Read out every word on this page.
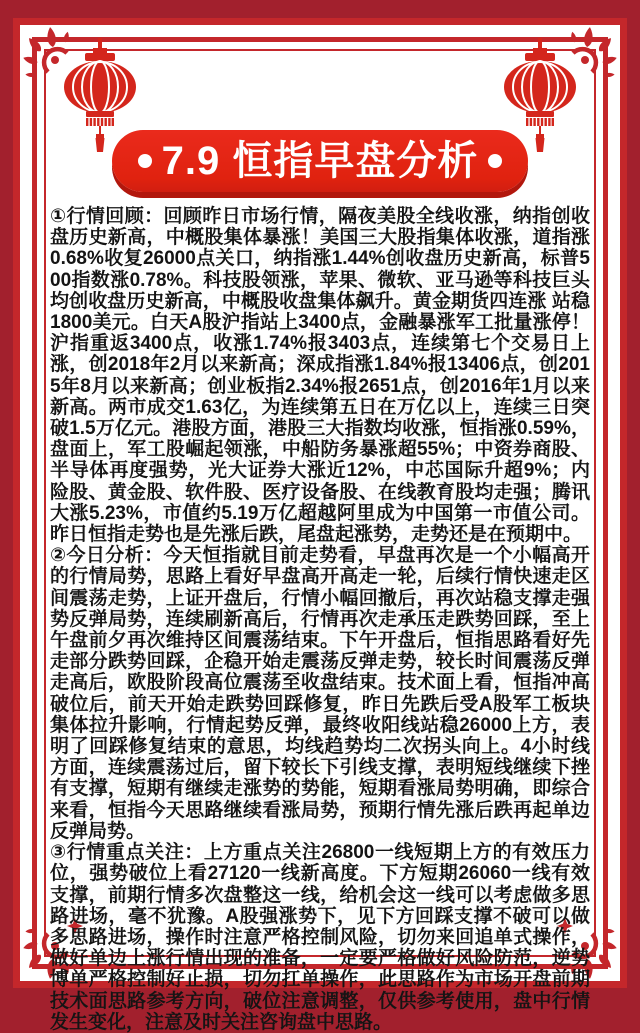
7.9 恒指早盘分析

①行情回顾：回顾昨日市场行情，隔夜美股全线收涨，纳指创收盘历史新高，中概股集体暴涨！美国三大股指集体收涨，道指涨0.68%收复26000点关口，纳指涨1.44%创收盘历史新高，标普500指数涨0.78%。科技股领涨，苹果、微软、亚马逊等科技巨头均创收盘历史新高，中概股收盘集体飙升。黄金期货四连涨 站稳1800美元。白天A股沪指站上3400点，金融暴涨军工批量涨停！沪指重返3400点，收涨1.74%报3403点，连续第七个交易日上涨，创2018年2月以来新高；深成指涨1.84%报13406点，创2015年8月以来新高；创业板指2.34%报2651点，创2016年1月以来新高。两市成交1.63亿，为连续第五日在万亿以上，连续三日突破1.5万亿元。港股方面，港股三大指数均收涨，恒指涨0.59%，盘面上，军工股崛起领涨，中船防务暴涨超55%；中资券商股、半导体再度强势，光大证券大涨近12%，中芯国际升超9%；内险股、黄金股、软件股、医疗设备股、在线教育股均走强；腾讯大涨5.23%，市值约5.19万亿超越阿里成为中国第一市值公司。昨日恒指走势也是先涨后跌，尾盘起涨势，走势还是在预期中。

②今日分析：今天恒指就目前走势看，早盘再次是一个小幅高开的行情局势，思路上看好早盘高开高走一轮，后续行情快速走区间震荡走势，上证开盘后，行情小幅回撤后，再次站稳支撑走强势反弹局势，连续刷新高后，行情再次走承压走跌势回踩，至上午盘前夕再次维持区间震荡结束。下午开盘后，恒指思路看好先走部分跌势回踩，企稳开始走震荡反弹走势，较长时间震荡反弹走高后，欧股阶段高位震荡至收盘结束。技术面上看，恒指冲高破位后，前天开始走跌势回踩修复，昨日先跌后受A股军工板块集体拉升影响，行情起势反弹，最终收阳线站稳26000上方，表明了回踩修复结束的意思，均线趋势均二次拐头向上。4小时线方面，连续震荡过后，留下较长下引线支撑，表明短线继续下挫有支撑，短期有继续走涨势的势能，短期看涨局势明确，即综合来看，恒指今天思路继续看涨局势，预期行情先涨后跌再起单边反弹局势。

③行情重点关注：上方重点关注26800一线短期上方的有效压力位，强势破位上看27120一线新高度。下方短期26060一线有效支撑，前期行情多次盘整这一线，给机会这一线可以考虑做多思路进场，毫不犹豫。A股强涨势下，见下方回踩支撑不破可以做多思路进场，操作时注意严格控制风险，切勿来回追单式操作，做好单边上涨行情出现的准备，一定要严格做好风险防范，逆势博单严格控制好止损，切勿扛单操作，此思路作为市场开盘前期技术面思路参考方向，破位注意调整，仅供参考使用，盘中行情发生变化，注意及时关注咨询盘中思路。
